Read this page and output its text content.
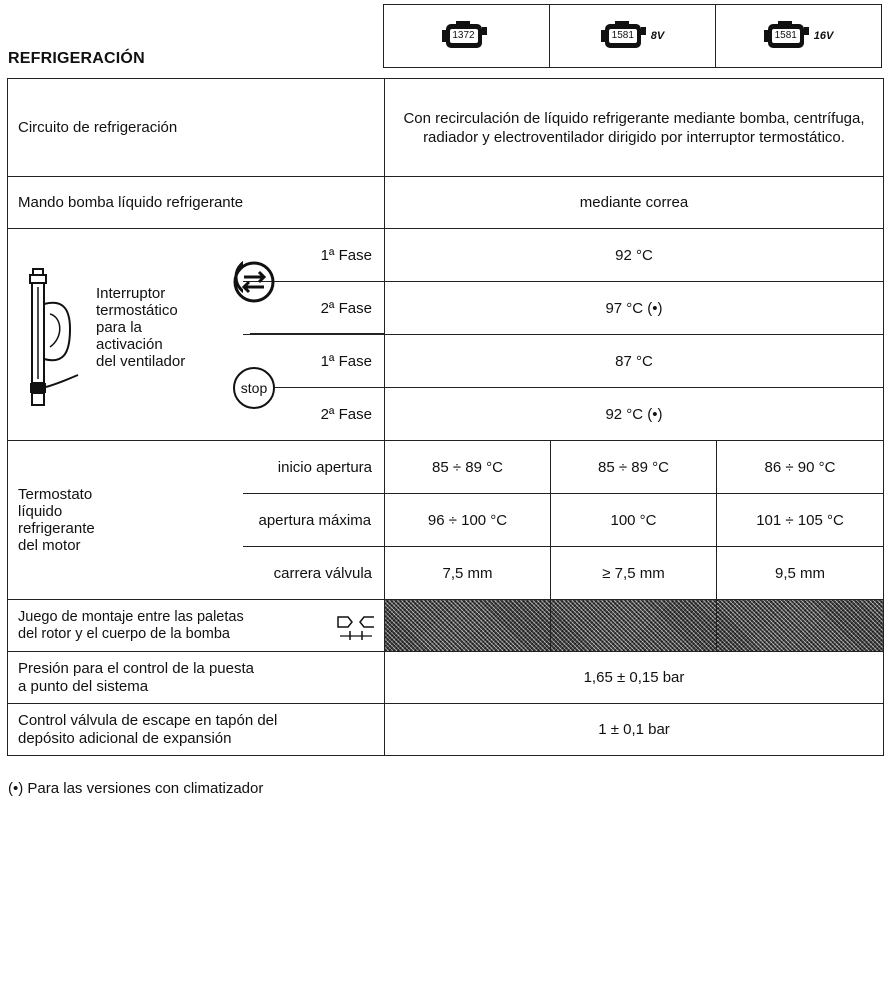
REFRIGERACIÓN
1372	1581 8V	1581 16V
Circuito de refrigeración		Con recirculación de líquido refrigerante mediante bomba, centrífuga, radiador y electroventilador dirigido por interruptor termostático.		
Mando bomba líquido refrigerante		mediante correa		

Interruptor
termostático
para la
activación
del ventilador	1ª Fase	92 °C		
	2ª Fase	97 °C (•)		
	1ª Fase	87 °C		
	2ª Fase	92 °C (•)		

Termostato
líquido
refrigerante
del motor	inicio apertura	85 ÷ 89 °C	85 ÷ 89 °C	86 ÷ 90 °C
	apertura máxima	96 ÷ 100 °C	100 °C	101 ÷ 105 °C
	carrera válvula	7,5 mm	≥ 7,5 mm	9,5 mm

Juego de montaje entre las paletas
del rotor y el cuerpo de la bomba				

Presión para el control de la puesta
a punto del sistema		1,65 ± 0,15 bar		

Control válvula de escape en tapón del
depósito adicional de expansión		1 ± 0,1 bar		
stop
(•) Para las versiones con climatizador
